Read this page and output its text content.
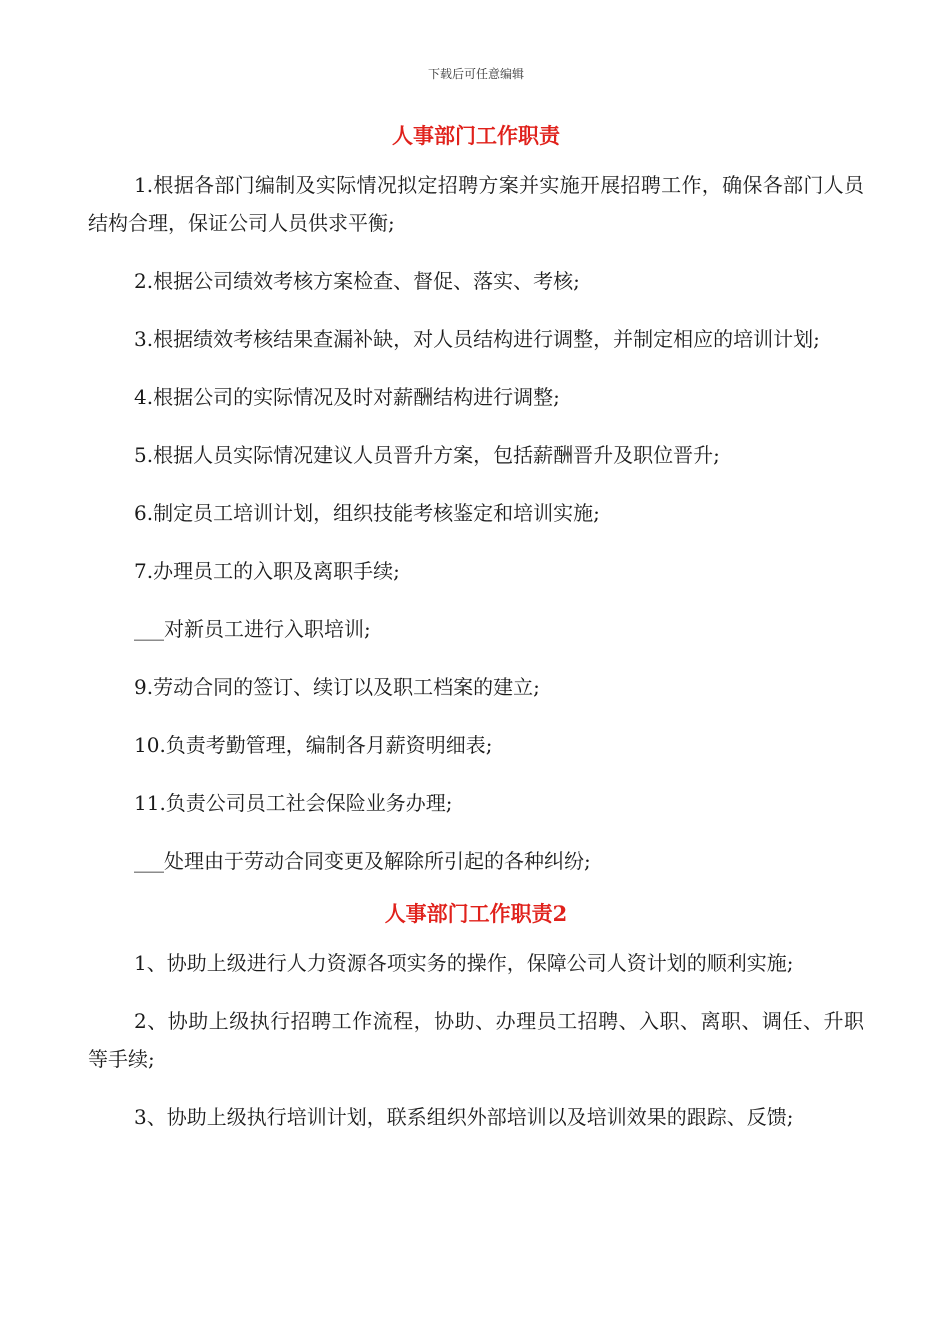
下载后可任意编辑
人事部门工作职责

1.根据各部门编制及实际情况拟定招聘方案并实施开展招聘工作，确保各部门人员结构合理，保证公司人员供求平衡;

2.根据公司绩效考核方案检查、督促、落实、考核;

3.根据绩效考核结果查漏补缺，对人员结构进行调整，并制定相应的培训计划;

4.根据公司的实际情况及时对薪酬结构进行调整;

5.根据人员实际情况建议人员晋升方案，包括薪酬晋升及职位晋升;

6.制定员工培训计划，组织技能考核鉴定和培训实施;

7.办理员工的入职及离职手续;

___对新员工进行入职培训;

9.劳动合同的签订、续订以及职工档案的建立;

10.负责考勤管理，编制各月薪资明细表;

11.负责公司员工社会保险业务办理;

___处理由于劳动合同变更及解除所引起的各种纠纷;

人事部门工作职责2

1、协助上级进行人力资源各项实务的操作，保障公司人资计划的顺利实施;

2、协助上级执行招聘工作流程，协助、办理员工招聘、入职、离职、调任、升职等手续;

3、协助上级执行培训计划，联系组织外部培训以及培训效果的跟踪、反馈;
